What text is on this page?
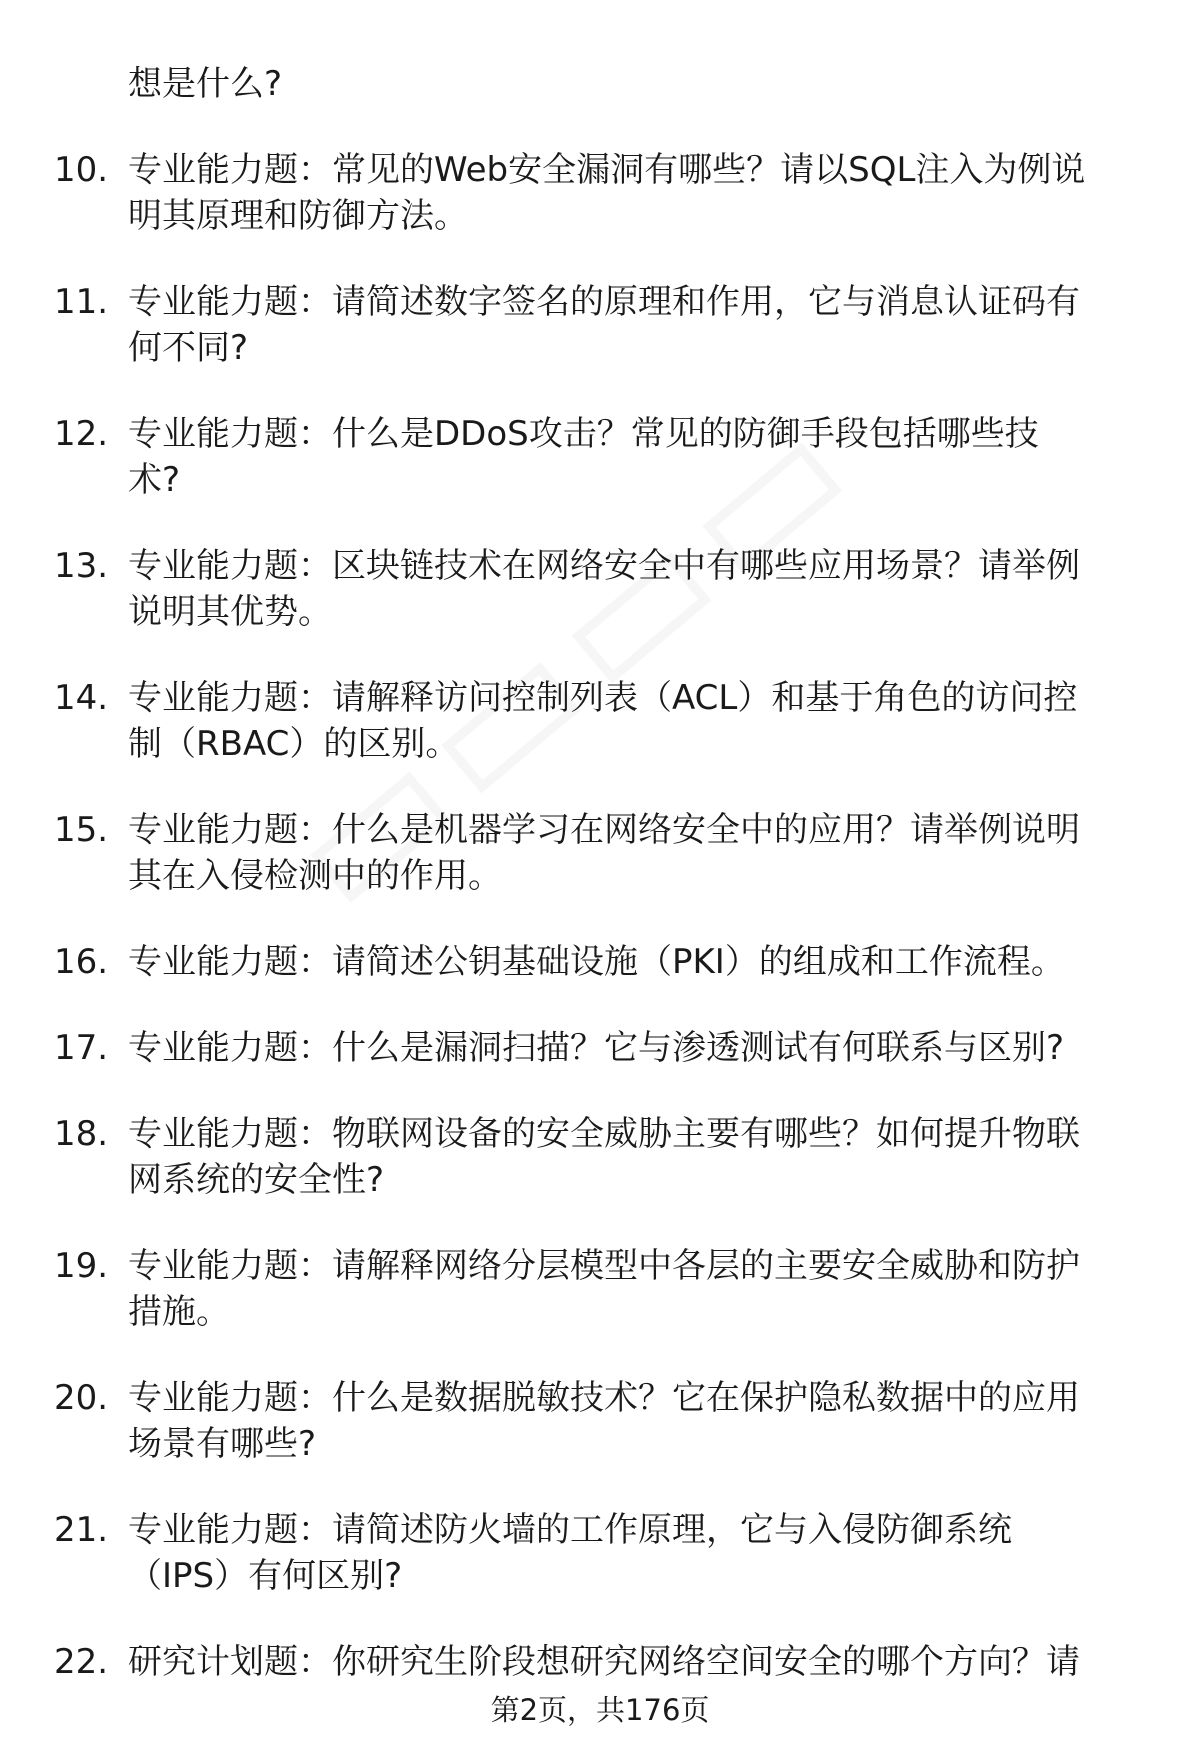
想是什么?
10. 专业能力题：常见的Web安全漏洞有哪些？请以SQL注入为例说
明其原理和防御方法。
11. 专业能力题：请简述数字签名的原理和作用，它与消息认证码有
何不同?
12. 专业能力题：什么是DDoS攻击？常见的防御手段包括哪些技
术?
13. 专业能力题：区块链技术在网络安全中有哪些应用场景？请举例
说明其优势。
14. 专业能力题：请解释访问控制列表（ACL）和基于角色的访问控
制（RBAC）的区别。
15. 专业能力题：什么是机器学习在网络安全中的应用？请举例说明
其在入侵检测中的作用。
16. 专业能力题：请简述公钥基础设施（PKI）的组成和工作流程。
17. 专业能力题：什么是漏洞扫描？它与渗透测试有何联系与区别?
18. 专业能力题：物联网设备的安全威胁主要有哪些？如何提升物联
网系统的安全性?
19. 专业能力题：请解释网络分层模型中各层的主要安全威胁和防护
措施。
20. 专业能力题：什么是数据脱敏技术？它在保护隐私数据中的应用
场景有哪些?
21. 专业能力题：请简述防火墙的工作原理，它与入侵防御系统
（IPS）有何区别?
22. 研究计划题：你研究生阶段想研究网络空间安全的哪个方向？请
第2页，共176页
